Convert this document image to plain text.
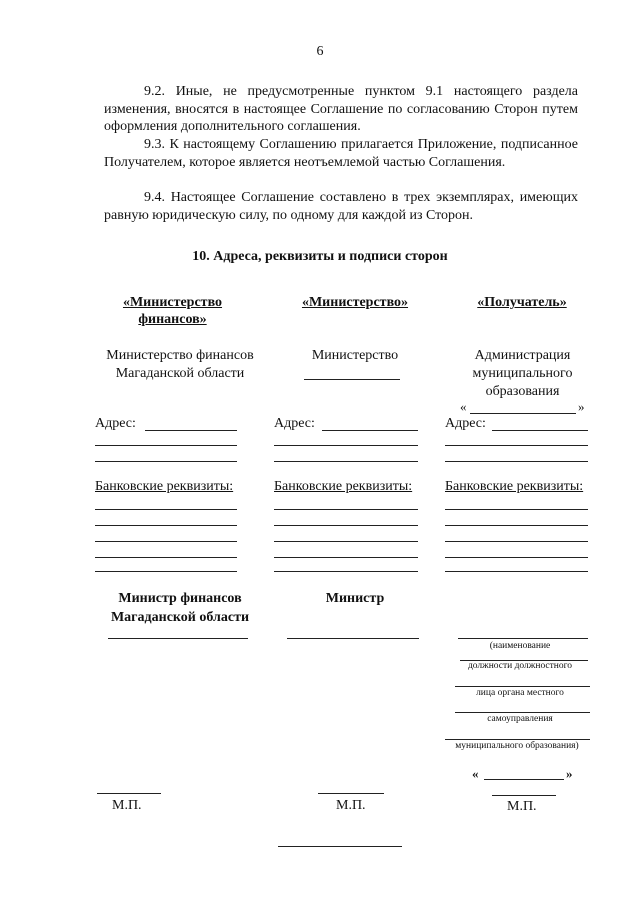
6
9.2. Иные, не предусмотренные пунктом 9.1 настоящего раздела изменения, вносятся в настоящее Соглашение по согласованию Сторон путем оформления дополнительного соглашения.
9.3. К настоящему Соглашению прилагается Приложение, подписанное Получателем, которое является неотъемлемой частью Соглашения.
9.4. Настоящее Соглашение составлено в трех экземплярах, имеющих равную юридическую силу, по одному для каждой из Сторон.
10. Адреса, реквизиты и подписи сторон
«Министерство
финансов»
Министерство финансов
Магаданской области
Адрес:
Банковские реквизиты:
Министр финансов
Магаданской области
М.П.
«Министерство»
Министерство
Адрес:
Банковские реквизиты:
Министр
М.П.
«Получатель»
Администрация
муниципального
образования
«	»
Адрес:
Банковские реквизиты:
(наименование
должности должностного
лица органа местного
самоуправления
муниципального образования)
«	»
М.П.
